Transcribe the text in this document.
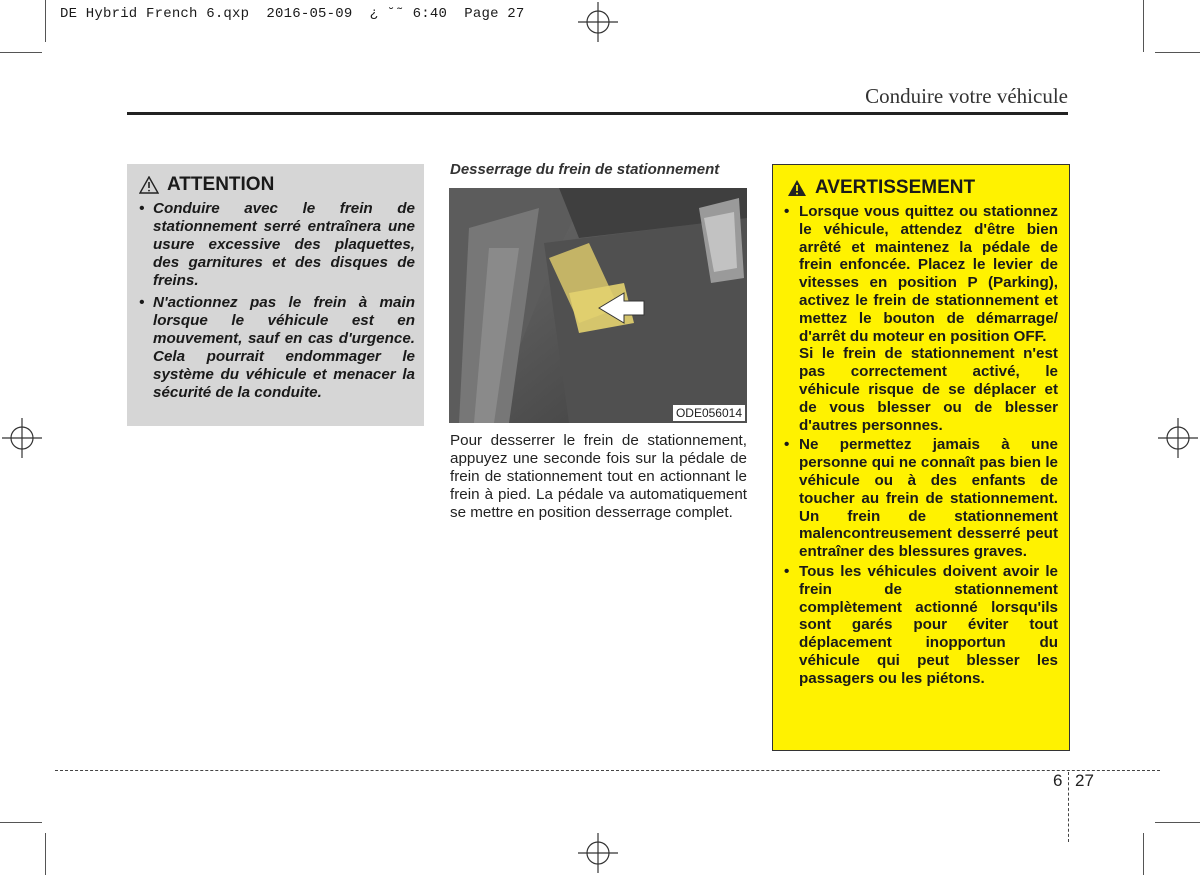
DE Hybrid French 6.qxp  2016-05-09  ¿ ˘˜ 6:40  Page 27
Conduire votre véhicule
ATTENTION
• Conduire avec le frein de stationnement serré entraînera une usure excessive des plaquettes, des garnitures et des disques de freins.
• N'actionnez pas le frein à main lorsque le véhicule est en mouvement, sauf en cas d'urgence. Cela pourrait endommager le système du véhicule et menacer la sécurité de la conduite.
Desserrage du frein de stationnement
ODE056014
Pour desserrer le frein de stationnement, appuyez une seconde fois sur la pédale de frein de stationnement tout en actionnant le frein à pied. La pédale va automatiquement se mettre en position desserrage complet.
AVERTISSEMENT

• Lorsque vous quittez ou stationnez le véhicule, attendez d'être bien arrêté et maintenez la pédale de frein enfoncée. Placez le levier de vitesses en position P (Parking), activez le frein de stationnement et mettez le bouton de démarrage/ d'arrêt du moteur en position OFF.

Si le frein de stationnement n'est pas correctement activé, le véhicule risque de se déplacer et de vous blesser ou de blesser d'autres personnes.

• Ne permettez jamais à une personne qui ne connaît pas bien le véhicule ou à des enfants de toucher au frein de stationnement. Un frein de stationnement malencontreusement desserré peut entraîner des blessures graves.
• Tous les véhicules doivent avoir le frein de stationnement complètement actionné lorsqu'ils sont garés pour éviter tout déplacement inopportun du véhicule qui peut blesser les passagers ou les piétons.
6 27
